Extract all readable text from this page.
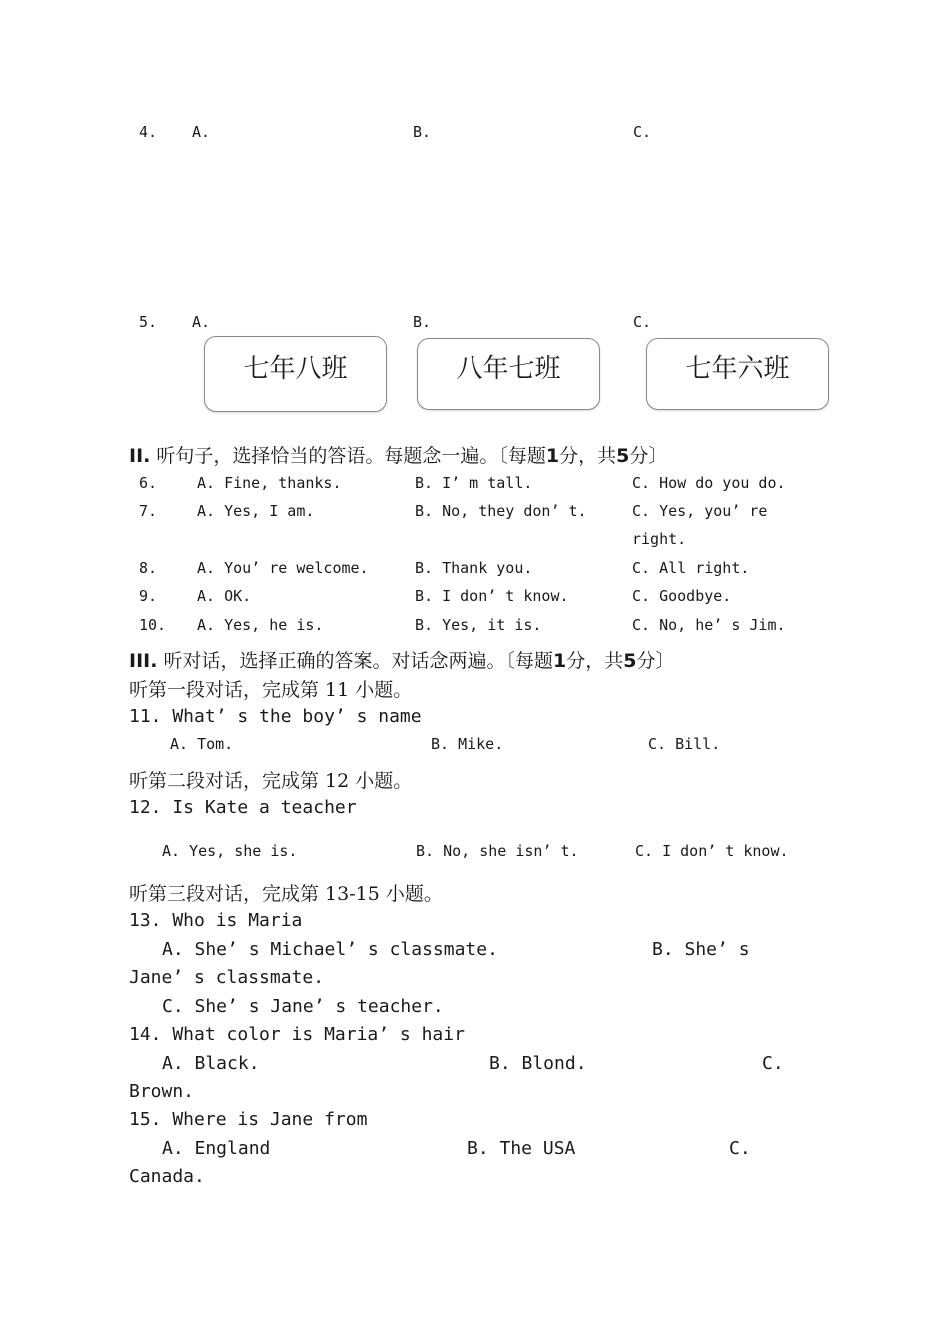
4. A.	B.	C.
5. A.	B.	C.
七年八班	八年七班	七年六班
II. 听句子，选择恰当的答语。每题念一遍。〔每题1分，共5分〕
6.	A. Fine, thanks.	B. I’ m tall.	C. How do you do.
7.	A. Yes, I am.	B. No, they don’ t.	C. Yes, you’ re
right.
8.	A. You’ re welcome.	B. Thank you.	C. All right.
9.	A. OK.	B. I don’ t know.	C. Goodbye.
10. A. Yes, he is.	B. Yes, it is.	C. No, he’ s Jim.
III. 听对话，选择正确的答案。对话念两遍。〔每题1分，共5分〕
听第一段对话，完成第 11 小题。
11. What’ s the boy’ s name
A. Tom.	B. Mike.	C. Bill.
听第二段对话，完成第 12 小题。
12. Is Kate a teacher
A. Yes, she is.	B. No, she isn’ t.	C. I don’ t know.
听第三段对话，完成第 13-15 小题。
13. Who is Maria
A. She’ s Michael’ s classmate.	B. She’ s
Jane’ s classmate.
C. She’ s Jane’ s teacher.
14. What color is Maria’ s hair
A. Black.	B. Blond.	C.
Brown.
15. Where is Jane from
A. England	B. The USA	C.
Canada.
